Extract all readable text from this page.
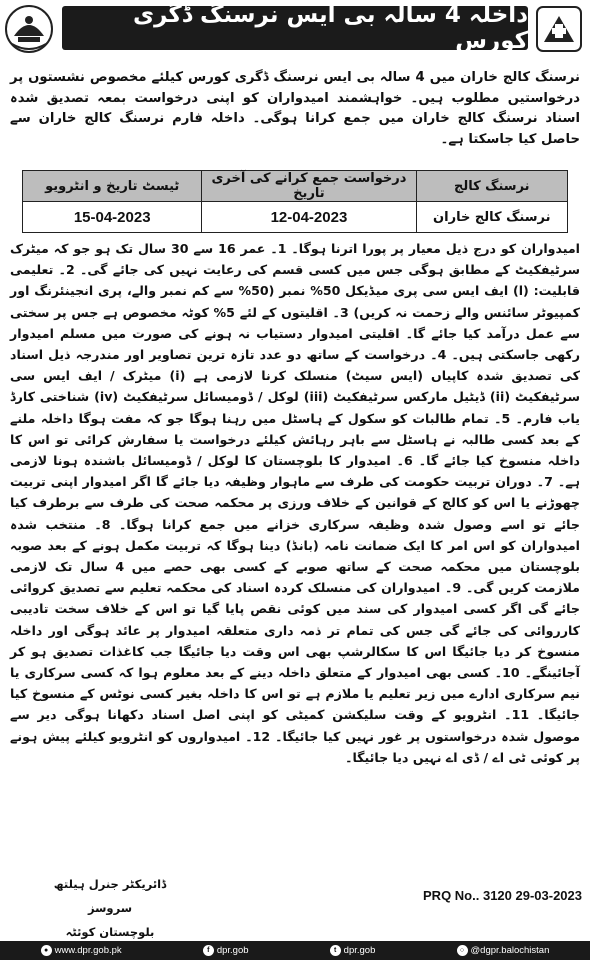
داخلہ 4 سالہ بی ایس نرسنگ ڈگری کورس
نرسنگ کالج خاران میں 4 سالہ بی ایس نرسنگ ڈگری کورس کیلئے مخصوص نشستوں پر درخواستیں مطلوب ہیں۔ خواہشمند امیدواران کو اپنی درخواست بمعہ تصدیق شدہ اسناد نرسنگ کالج خاران میں جمع کرانا ہوگی۔ داخلہ فارم نرسنگ کالج خاران سے حاصل کیا جاسکتا ہے۔
نرسنگ کالج	درخواست جمع کرانے کی آخری تاریخ	ٹیسٹ تاریخ و انٹرویو
نرسنگ کالج خاران	12-04-2023	15-04-2023
امیدواران کو درج ذیل معیار پر پورا اترنا ہوگا۔ 1۔ عمر 16 سے 30 سال تک ہو جو کہ میٹرک سرٹیفکیٹ کے مطابق ہوگی جس میں کسی قسم کی رعایت نہیں کی جائے گی۔ 2۔ تعلیمی قابلیت: (ا) ایف ایس سی پری میڈیکل 50% نمبر (50% سے کم نمبر والے، پری انجینئرنگ اور کمپیوٹر سائنس والے زحمت نہ کریں) 3۔ اقلیتوں کے لئے 5% کوٹہ مخصوص ہے جس پر سختی سے عمل درآمد کیا جائے گا۔ اقلیتی امیدوار دستیاب نہ ہونے کی صورت میں مسلم امیدوار رکھی جاسکتی ہیں۔ 4۔ درخواست کے ساتھ دو عدد تازہ ترین تصاویر اور مندرجہ ذیل اسناد کی تصدیق شدہ کاپیاں (ایس سیٹ) منسلک کرنا لازمی ہے (i) میٹرک / ایف ایس سی سرٹیفکیٹ (ii) ڈیٹیل مارکس سرٹیفکیٹ (iii) لوکل / ڈومیسائل سرٹیفکیٹ (iv) شناختی کارڈ یاب فارم۔ 5۔ تمام طالبات کو سکول کے ہاسٹل میں رہنا ہوگا جو کہ مفت ہوگا داخلہ ملنے کے بعد کسی طالبہ نے ہاسٹل سے باہر رہائش کیلئے درخواست یا سفارش کرائی تو اس کا داخلہ منسوخ کیا جائے گا۔ 6۔ امیدوار کا بلوچستان کا لوکل / ڈومیسائل باشندہ ہونا لازمی ہے۔ 7۔ دوران تربیت حکومت کی طرف سے ماہوار وظیفہ دیا جائے گا اگر امیدوار اپنی تربیت چھوڑنے یا اس کو کالج کے قوانین کے خلاف ورزی پر محکمہ صحت کی طرف سے برطرف کیا جائے تو اسے وصول شدہ وظیفہ سرکاری خزانے میں جمع کرانا ہوگا۔ 8۔ منتخب شدہ امیدواران کو اس امر کا ایک ضمانت نامہ (بانڈ) دینا ہوگا کہ تربیت مکمل ہونے کے بعد صوبہ بلوچستان میں محکمہ صحت کے ساتھ صوبے کے کسی بھی حصے میں 4 سال تک لازمی ملازمت کریں گی۔ 9۔ امیدواران کی منسلک کردہ اسناد کی محکمہ تعلیم سے تصدیق کروائی جائے گی اگر کسی امیدوار کی سند میں کوئی نقص پایا گیا تو اس کے خلاف سخت تادیبی کارروائی کی جائے گی جس کی تمام تر ذمہ داری متعلقہ امیدوار پر عائد ہوگی اور داخلہ منسوخ کر دیا جائیگا اس کا سکالرشپ بھی اس وقت دیا جائیگا جب کاغذات تصدیق ہو کر آجائینگے۔ 10۔ کسی بھی امیدوار کے متعلق داخلہ دینے کے بعد معلوم ہوا کہ کسی سرکاری یا نیم سرکاری ادارے میں زیر تعلیم یا ملازم ہے تو اس کا داخلہ بغیر کسی نوٹس کے منسوخ کیا جائیگا۔ 11۔ انٹرویو کے وقت سلیکشن کمیٹی کو اپنی اصل اسناد دکھانا ہوگی دیر سے موصول شدہ درخواستوں پر غور نہیں کیا جائیگا۔ 12۔ امیدواروں کو انٹرویو کیلئے پیش ہونے پر کوئی ٹی اے / ڈی اے نہیں دیا جائیگا۔
ڈائریکٹر جنرل ہیلتھ سروسز
بلوچستان کوئٹہ
PRQ No.. 3120 29-03-2023
● www.dpr.gob.pk	f dpr.gob	t dpr.gob	○ @dgpr.balochistan
